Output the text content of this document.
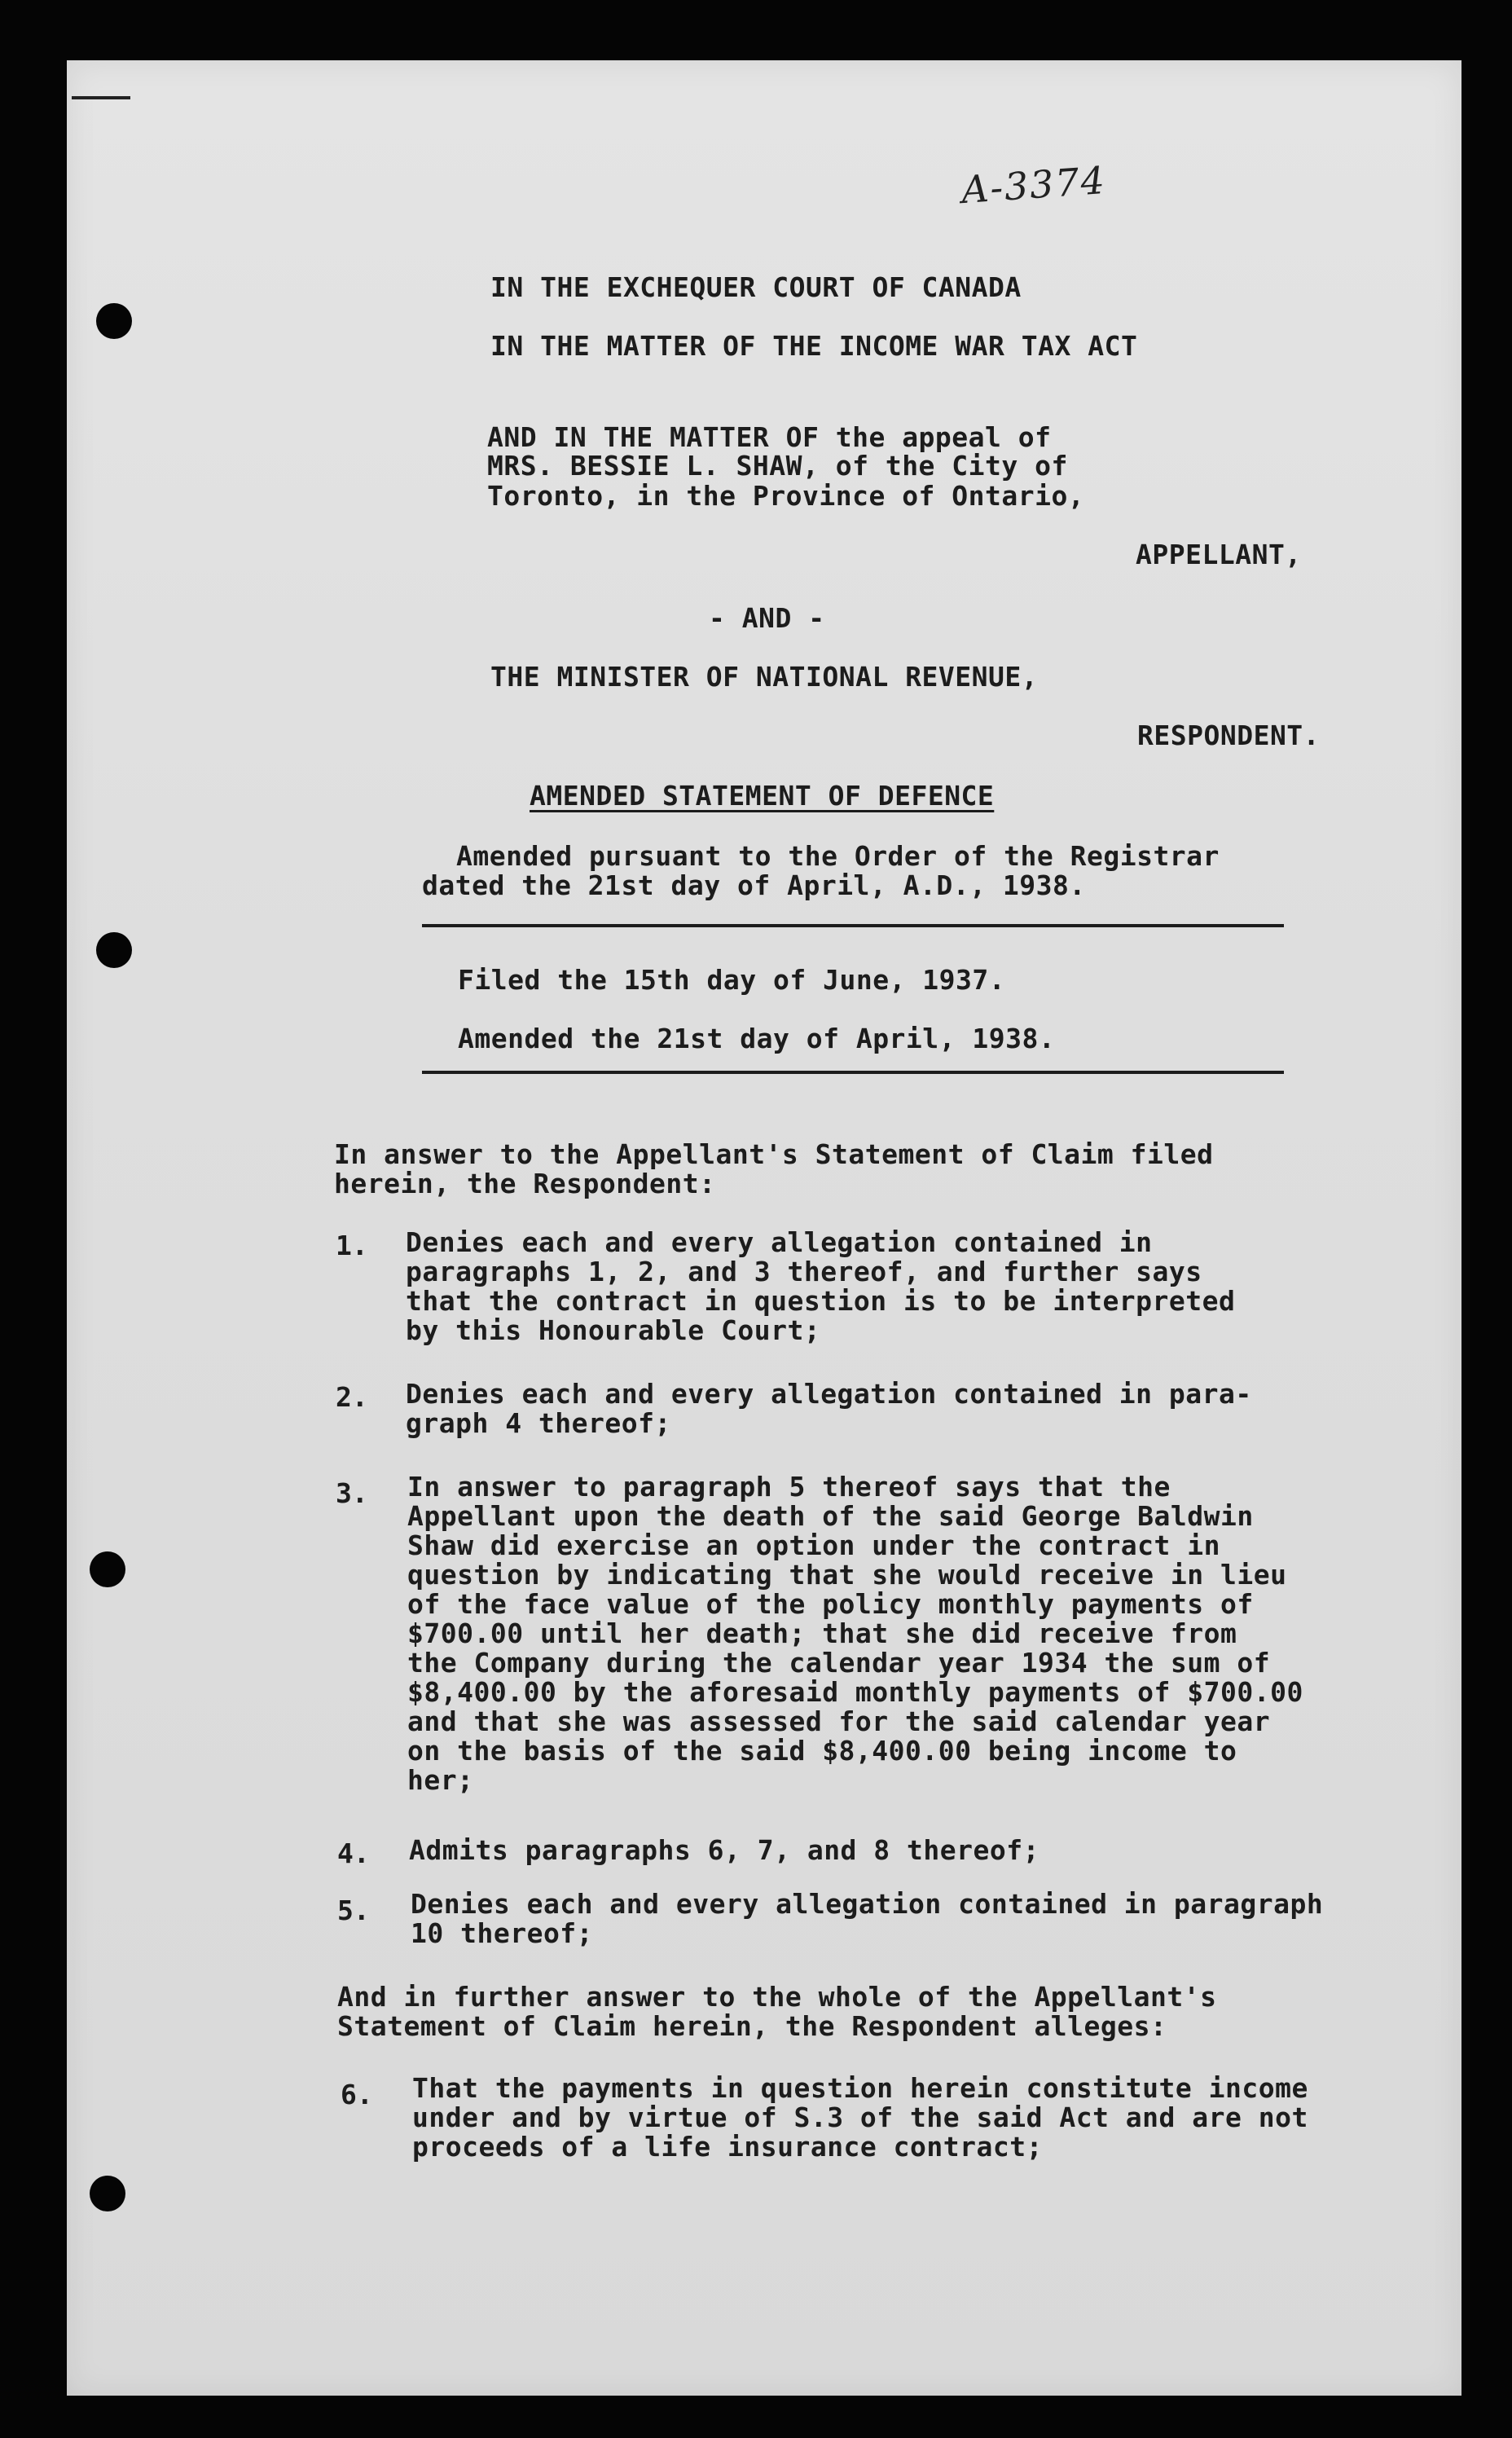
A-3374
IN THE EXCHEQUER COURT OF CANADA
IN THE MATTER OF THE INCOME WAR TAX ACT
AND IN THE MATTER OF the appeal of
MRS. BESSIE L. SHAW, of the City of
Toronto, in the Province of Ontario,
APPELLANT,
- AND -
THE MINISTER OF NATIONAL REVENUE,
RESPONDENT.
AMENDED STATEMENT OF DEFENCE
Amended pursuant to the Order of the Registrar
dated the 21st day of April, A.D., 1938.
Filed the 15th day of June, 1937.
Amended the 21st day of April, 1938.
In answer to the Appellant's Statement of Claim filed
herein, the Respondent:
1. Denies each and every allegation contained in
paragraphs 1, 2, and 3 thereof, and further says
that the contract in question is to be interpreted
by this Honourable Court;
2. Denies each and every allegation contained in para-
graph 4 thereof;
3. In answer to paragraph 5 thereof says that the
Appellant upon the death of the said George Baldwin
Shaw did exercise an option under the contract in
question by indicating that she would receive in lieu
of the face value of the policy monthly payments of
$700.00 until her death; that she did receive from
the Company during the calendar year 1934 the sum of
$8,400.00 by the aforesaid monthly payments of $700.00
and that she was assessed for the said calendar year
on the basis of the said $8,400.00 being income to
her;
4. Admits paragraphs 6, 7, and 8 thereof;
5. Denies each and every allegation contained in paragraph
10 thereof;
And in further answer to the whole of the Appellant's
Statement of Claim herein, the Respondent alleges:
6. That the payments in question herein constitute income
under and by virtue of S.3 of the said Act and are not
proceeds of a life insurance contract;
